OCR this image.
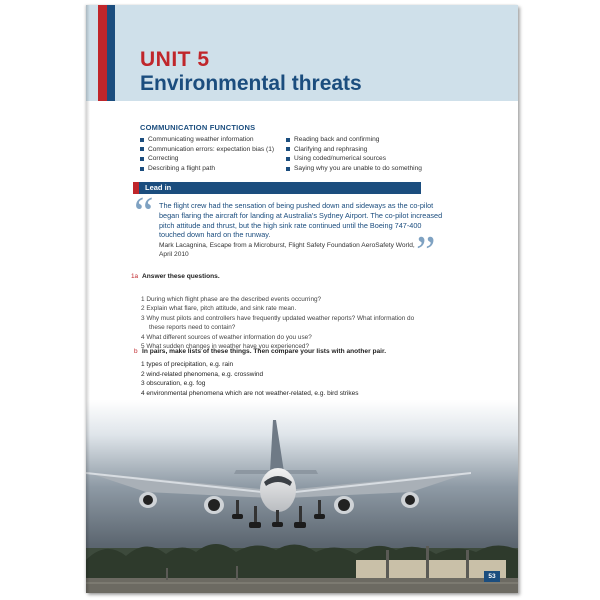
UNIT 5
Environmental threats
COMMUNICATION FUNCTIONS
Communicating weather information
Communication errors: expectation bias (1)
Correcting
Describing a flight path
Reading back and confirming
Clarifying and rephrasing
Using coded/numerical sources
Saying why you are unable to do something
Lead in
“ The flight crew had the sensation of being pushed down and sideways as the co-pilot
began flaring the aircraft for landing at Australia's Sydney Airport. The co-pilot increased
pitch attitude and thrust, but the high sink rate continued until the Boeing 747-400
touched down hard on the runway.
Mark Lacagnina, Escape from a Microburst, Flight Safety Foundation AeroSafety World,
April 2010	”
1a Answer these questions.
1 During which flight phase are the described events occurring?
2 Explain what flare, pitch attitude, and sink rate mean.
3 Why must pilots and controllers have frequently updated weather reports? What information do
these reports need to contain?
4 What different sources of weather information do you use?
5 What sudden changes in weather have you experienced?
b In pairs, make lists of these things. Then compare your lists with another pair.
1 types of precipitation, e.g. rain
2 wind-related phenomena, e.g. crosswind
3 obscuration, e.g. fog
4 environmental phenomena which are not weather-related, e.g. bird strikes
53
